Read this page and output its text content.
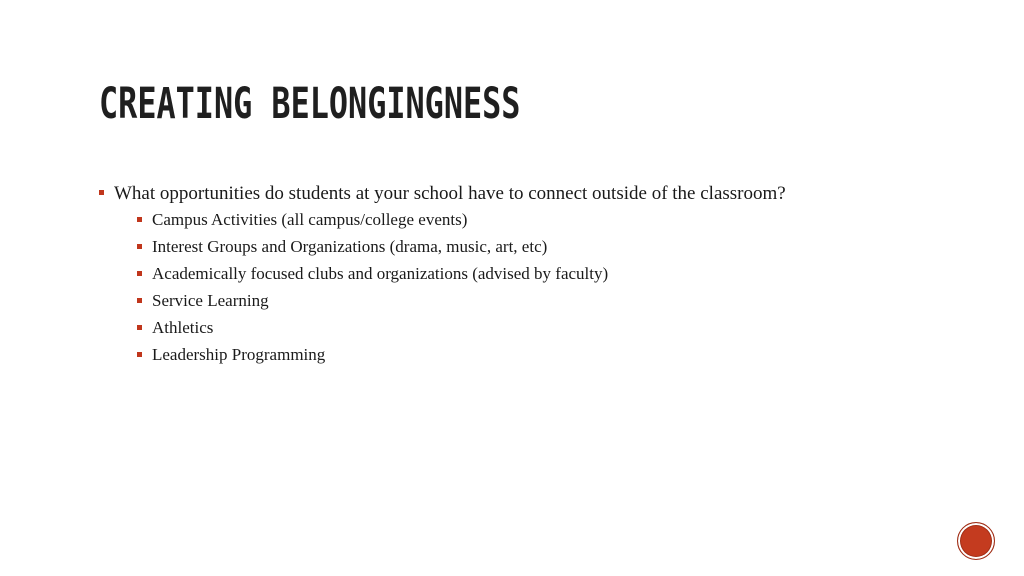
CREATING BELONGINGNESS
What opportunities do students at your school have to connect outside of the classroom?
Campus Activities (all campus/college events)
Interest Groups and Organizations (drama, music, art, etc)
Academically focused clubs and organizations (advised by faculty)
Service Learning
Athletics
Leadership Programming
